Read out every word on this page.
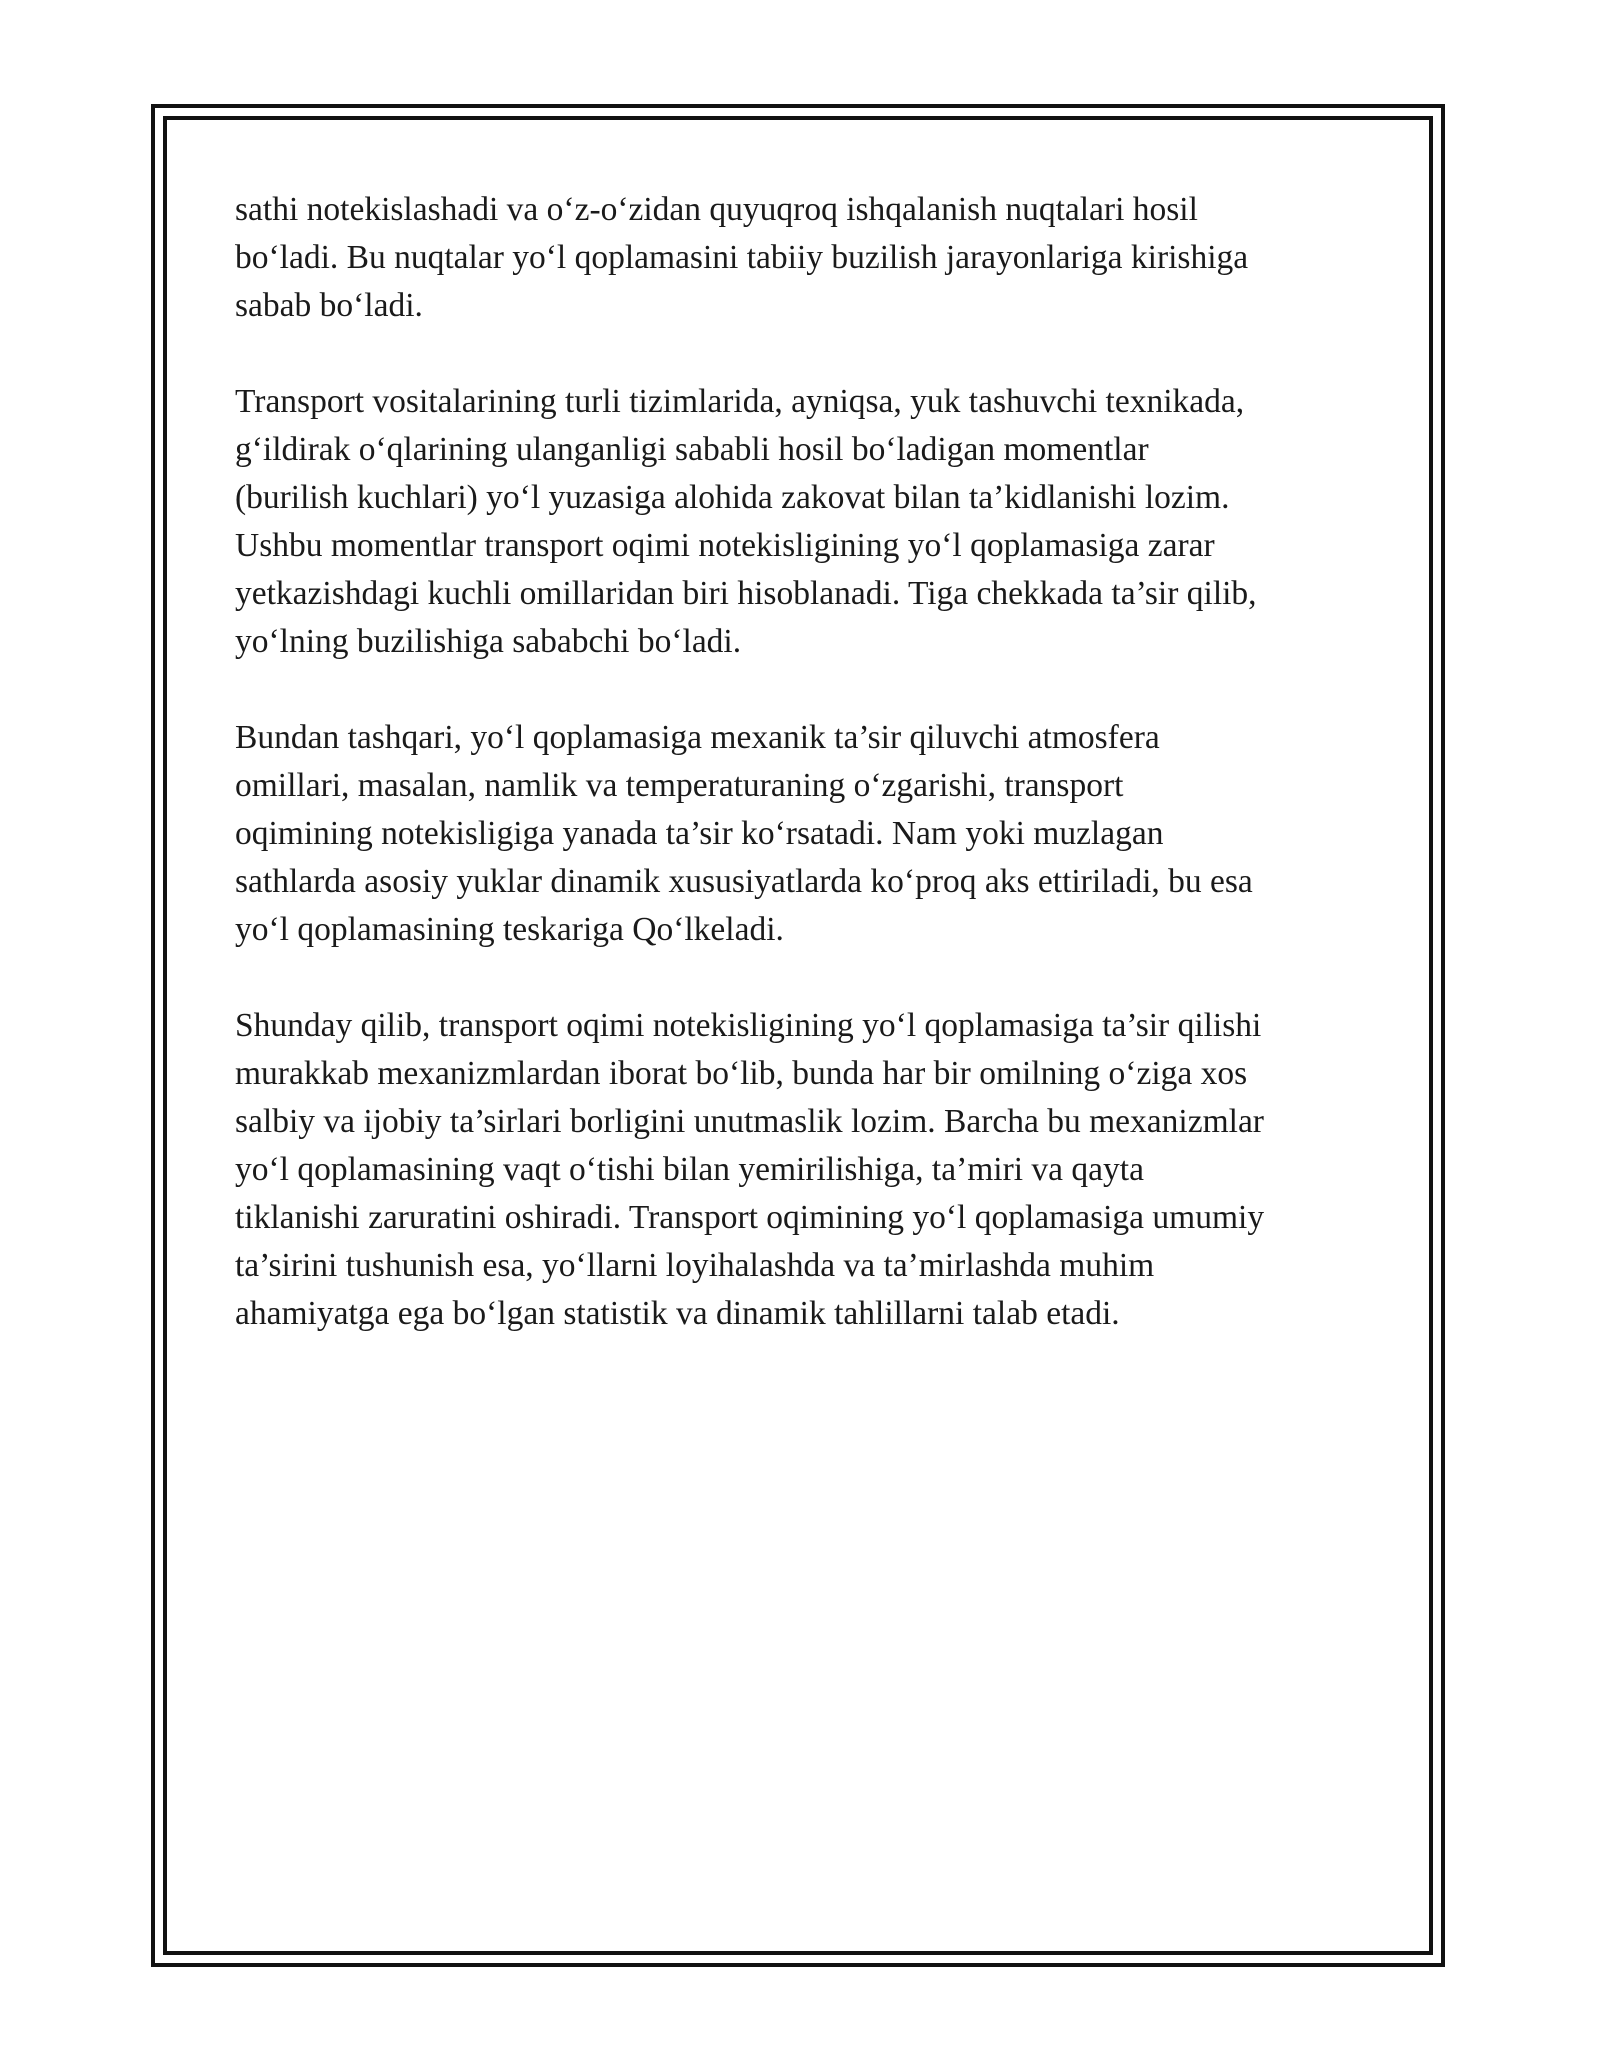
sathi notekislashadi va o‘z-o‘zidan quyuqroq ishqalanish nuqtalari hosil
bo‘ladi. Bu nuqtalar yo‘l qoplamasini tabiiy buzilish jarayonlariga kirishiga
sabab bo‘ladi.

Transport vositalarining turli tizimlarida, ayniqsa, yuk tashuvchi texnikada,
g‘ildirak o‘qlarining ulanganligi sababli hosil bo‘ladigan momentlar
(burilish kuchlari) yo‘l yuzasiga alohida zakovat bilan ta’kidlanishi lozim.
Ushbu momentlar transport oqimi notekisligining yo‘l qoplamasiga zarar
yetkazishdagi kuchli omillaridan biri hisoblanadi. Tiga chekkada ta’sir qilib,
yo‘lning buzilishiga sababchi bo‘ladi.

Bundan tashqari, yo‘l qoplamasiga mexanik ta’sir qiluvchi atmosfera
omillari, masalan, namlik va temperaturaning o‘zgarishi, transport
oqimining notekisligiga yanada ta’sir ko‘rsatadi. Nam yoki muzlagan
sathlarda asosiy yuklar dinamik xususiyatlarda ko‘proq aks ettiriladi, bu esa
yo‘l qoplamasining teskariga Qo‘lkeladi.

Shunday qilib, transport oqimi notekisligining yo‘l qoplamasiga ta’sir qilishi
murakkab mexanizmlardan iborat bo‘lib, bunda har bir omilning o‘ziga xos
salbiy va ijobiy ta’sirlari borligini unutmaslik lozim. Barcha bu mexanizmlar
yo‘l qoplamasining vaqt o‘tishi bilan yemirilishiga, ta’miri va qayta
tiklanishi zaruratini oshiradi. Transport oqimining yo‘l qoplamasiga umumiy
ta’sirini tushunish esa, yo‘llarni loyihalashda va ta’mirlashda muhim
ahamiyatga ega bo‘lgan statistik va dinamik tahlillarni talab etadi.
